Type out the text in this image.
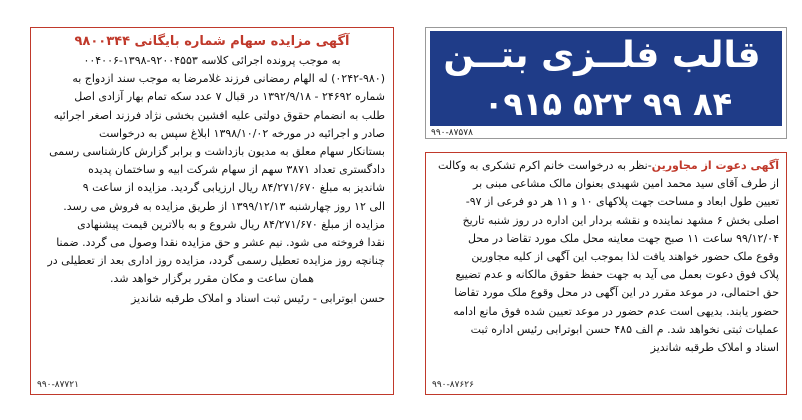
آگهی مزایده سهام شماره بایگانی ۹۸۰۰۳۴۴

به موجب پرونده اجرائی کلاسه ۹۲۰۰۴۵۵۳-۱۳۹۸-۰۰۴۰۰۶

(۰۲۴۲-۹۸۰) له الهام رمضانی فرزند غلامرضا به موجب سند ازدواج به

شماره ۲۴۶۹۲ - ۱۳۹۲/۹/۱۸ در قبال ۷ عدد سکه تمام بهار آزادی اصل

طلب به انضمام حقوق دولتی علیه افشین بخشی نژاد فرزند اصغر اجرائیه

صادر و اجرائیه در مورخه ۱۳۹۸/۱۰/۰۲ ابلاغ سپس به درخواست

بستانکار سهام معلق به مدیون بازداشت و برابر گزارش کارشناسی رسمی

دادگستری تعداد ۳۸۷۱ سهم از سهام شرکت ابیه و ساختمان پدیده

شاندیز به مبلغ ۸۴/۲۷۱/۶۷۰ ریال ارزیابی گردید. مزایده از ساعت ۹

الی ۱۲ روز چهارشنبه ۱۳۹۹/۱۲/۱۳ از طریق مزایده به فروش می رسد.

مزایده از مبلغ ۸۴/۲۷۱/۶۷۰ ریال شروع و به بالاترین قیمت پیشنهادی

نقدا فروخته می شود. نیم عشر و حق مزایده نقدا وصول می گردد. ضمنا

چنانچه روز مزایده تعطیل رسمی گردد، مزایده روز اداری بعد از تعطیلی در

همان ساعت و مکان مقرر برگزار خواهد شد.

حسن ابوترابی - رئیس ثبت اسناد و املاک طرقبه شاندیز

۹۹۰-۸۷۷۲۱
قالب فلــزی بتــن
۰۹۱۵ ۵۲۲ ۹۹ ۸۴
۹۹۰-۸۷۵۷۸

آگهی دعوت از مجاورین-نظر به درخواست خانم اکرم تشکری به وکالت

از طرف آقای سید محمد امین شهیدی بعنوان مالک مشاعی مبنی بر

تعیین طول ابعاد و مساحت جهت پلاکهای ۱۰ و ۱۱ هر دو فرعی از ۹۷-

اصلی بخش ۶ مشهد نماینده و نقشه بردار این اداره در روز شنبه تاریخ

۹۹/۱۲/۰۴ ساعت ۱۱ صبح جهت معاینه محل ملک مورد تقاضا در محل

وقوع ملک حضور خواهند یافت لذا بموجب این آگهی از کلیه مجاورین

پلاک فوق دعوت بعمل می آید به جهت حفظ حقوق مالکانه و عدم تضییع

حق احتمالی، در موعد مقرر در این آگهی در محل وقوع ملک مورد تقاضا

حضور یابند. بدیهی است عدم حضور در موعد تعیین شده فوق مانع ادامه

عملیات ثبتی نخواهد شد. م الف ۴۸۵ حسن ابوترابی رئیس اداره ثبت

اسناد و املاک طرقبه شاندیز

۹۹۰-۸۷۶۲۶
